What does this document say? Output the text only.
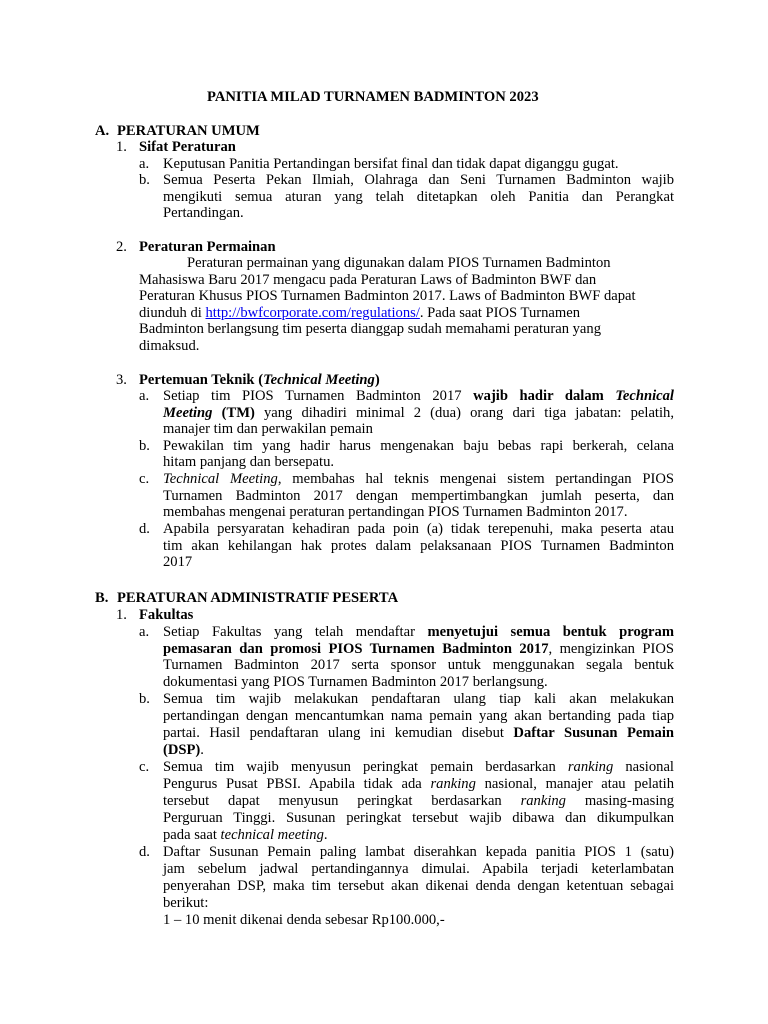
PANITIA MILAD TURNAMEN BADMINTON 2023
A. PERATURAN UMUM
1. Sifat Peraturan
a. Keputusan Panitia Pertandingan bersifat final dan tidak dapat diganggu gugat.
b. Semua Peserta Pekan Ilmiah, Olahraga dan Seni Turnamen Badminton wajib
mengikuti semua aturan yang telah ditetapkan oleh Panitia dan Perangkat
Pertandingan.
2. Peraturan Permainan
Peraturan permainan yang digunakan dalam PIOS Turnamen Badminton
Mahasiswa Baru 2017 mengacu pada Peraturan Laws of Badminton BWF dan
Peraturan Khusus PIOS Turnamen Badminton 2017. Laws of Badminton BWF dapat
diunduh di http://bwfcorporate.com/regulations/. Pada saat PIOS Turnamen
Badminton berlangsung tim peserta dianggap sudah memahami peraturan yang
dimaksud.
3. Pertemuan Teknik (Technical Meeting)
a. Setiap tim PIOS Turnamen Badminton 2017 wajib hadir dalam Technical
Meeting (TM) yang dihadiri minimal 2 (dua) orang dari tiga jabatan: pelatih,
manajer tim dan perwakilan pemain
b. Pewakilan tim yang hadir harus mengenakan baju bebas rapi berkerah, celana
hitam panjang dan bersepatu.
c. Technical Meeting, membahas hal teknis mengenai sistem pertandingan PIOS
Turnamen Badminton 2017 dengan mempertimbangkan jumlah peserta, dan
membahas mengenai peraturan pertandingan PIOS Turnamen Badminton 2017.
d. Apabila persyaratan kehadiran pada poin (a) tidak terepenuhi, maka peserta atau
tim akan kehilangan hak protes dalam pelaksanaan PIOS Turnamen Badminton
2017
B. PERATURAN ADMINISTRATIF PESERTA
1. Fakultas
a. Setiap Fakultas yang telah mendaftar menyetujui semua bentuk program
pemasaran dan promosi PIOS Turnamen Badminton 2017, mengizinkan PIOS
Turnamen Badminton 2017 serta sponsor untuk menggunakan segala bentuk
dokumentasi yang PIOS Turnamen Badminton 2017 berlangsung.
b. Semua tim wajib melakukan pendaftaran ulang tiap kali akan melakukan
pertandingan dengan mencantumkan nama pemain yang akan bertanding pada tiap
partai. Hasil pendaftaran ulang ini kemudian disebut Daftar Susunan Pemain
(DSP).
c. Semua tim wajib menyusun peringkat pemain berdasarkan ranking nasional
Pengurus Pusat PBSI. Apabila tidak ada ranking nasional, manajer atau pelatih
tersebut dapat menyusun peringkat berdasarkan ranking masing-masing
Perguruan Tinggi. Susunan peringkat tersebut wajib dibawa dan dikumpulkan
pada saat technical meeting.
d. Daftar Susunan Pemain paling lambat diserahkan kepada panitia PIOS 1 (satu)
jam sebelum jadwal pertandingannya dimulai. Apabila terjadi keterlambatan
penyerahan DSP, maka tim tersebut akan dikenai denda dengan ketentuan sebagai
berikut:
1 – 10 menit dikenai denda sebesar Rp100.000,-
